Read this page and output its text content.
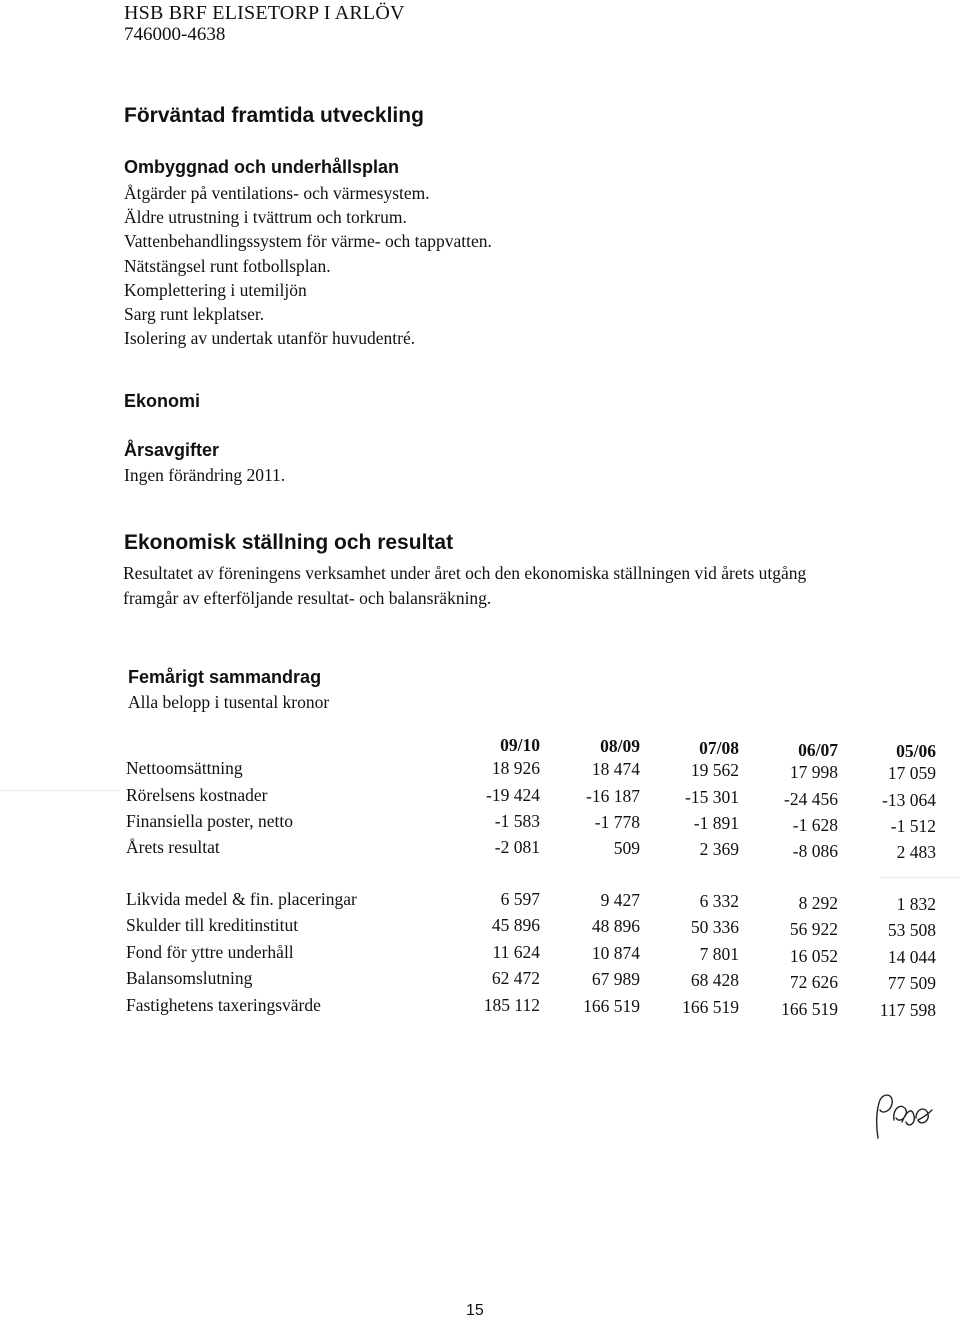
HSB BRF ELISETORP I ARLÖV
746000-4638
Förväntad framtida utveckling
Ombyggnad och underhållsplan
Åtgärder på ventilations- och värmesystem.
Äldre utrustning i tvättrum och torkrum.
Vattenbehandlingssystem för värme- och tappvatten.
Nätstängsel runt fotbollsplan.
Komplettering i utemiljön
Sarg runt lekplatser.
Isolering av undertak utanför huvudentré.
Ekonomi
Årsavgifter
Ingen förändring 2011.
Ekonomisk ställning och resultat
Resultatet av föreningens verksamhet under året och den ekonomiska ställningen vid årets utgång framgår av efterföljande resultat- och balansräkning.
Femårigt sammandrag
Alla belopp i tusental kronor
09/10	08/09	07/08	06/07	05/06
Nettoomsättning	18 926	18 474	19 562	17 998	17 059
Rörelsens kostnader	-19 424	-16 187	-15 301	-24 456	-13 064
Finansiella poster, netto	-1 583	-1 778	-1 891	-1 628	-1 512
Årets resultat	-2 081	509	2 369	-8 086	2 483
Likvida medel & fin. placeringar	6 597	9 427	6 332	8 292	1 832
Skulder till kreditinstitut	45 896	48 896	50 336	56 922	53 508
Fond för yttre underhåll	11 624	10 874	7 801	16 052	14 044
Balansomslutning	62 472	67 989	68 428	72 626	77 509
Fastighetens taxeringsvärde	185 112	166 519	166 519	166 519	117 598
15
